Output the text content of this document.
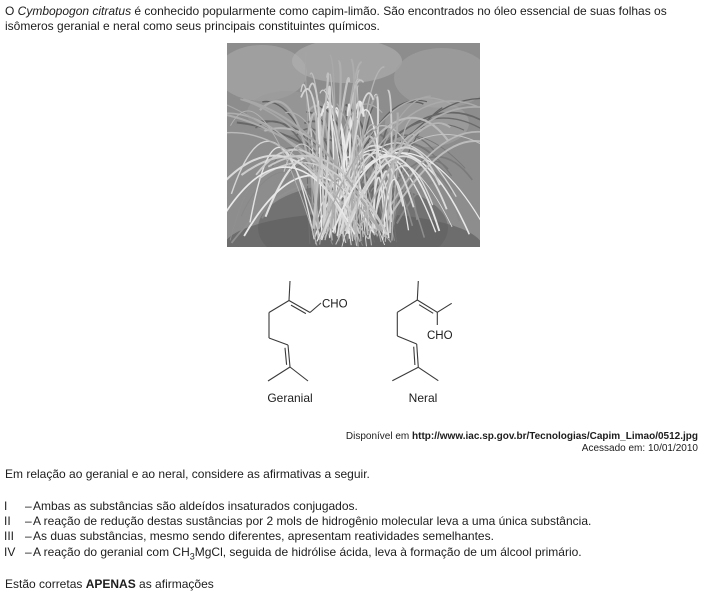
O Cymbopogon citratus é conhecido popularmente como capim-limão. São encontrados no óleo essencial de suas folhas os isômeros geranial e neral como seus principais constituintes químicos.

CHO
CHO
Geranial	Neral
Disponível em http://www.iac.sp.gov.br/Tecnologias/Capim_Limao/0512.jpg
Acessado em: 10/01/2010

Em relação ao geranial e ao neral, considere as afirmativas a seguir.

I	– Ambas as substâncias são aldeídos insaturados conjugados.
II	– A reação de redução destas sustâncias por 2 mols de hidrogênio molecular leva a uma única substância.
III – As duas substâncias, mesmo sendo diferentes, apresentam reatividades semelhantes.
IV – A reação do geranial com $CH_3MgCl$, seguida de hidrólise ácida, leva à formação de um álcool primário.

Estão corretas APENAS as afirmações
